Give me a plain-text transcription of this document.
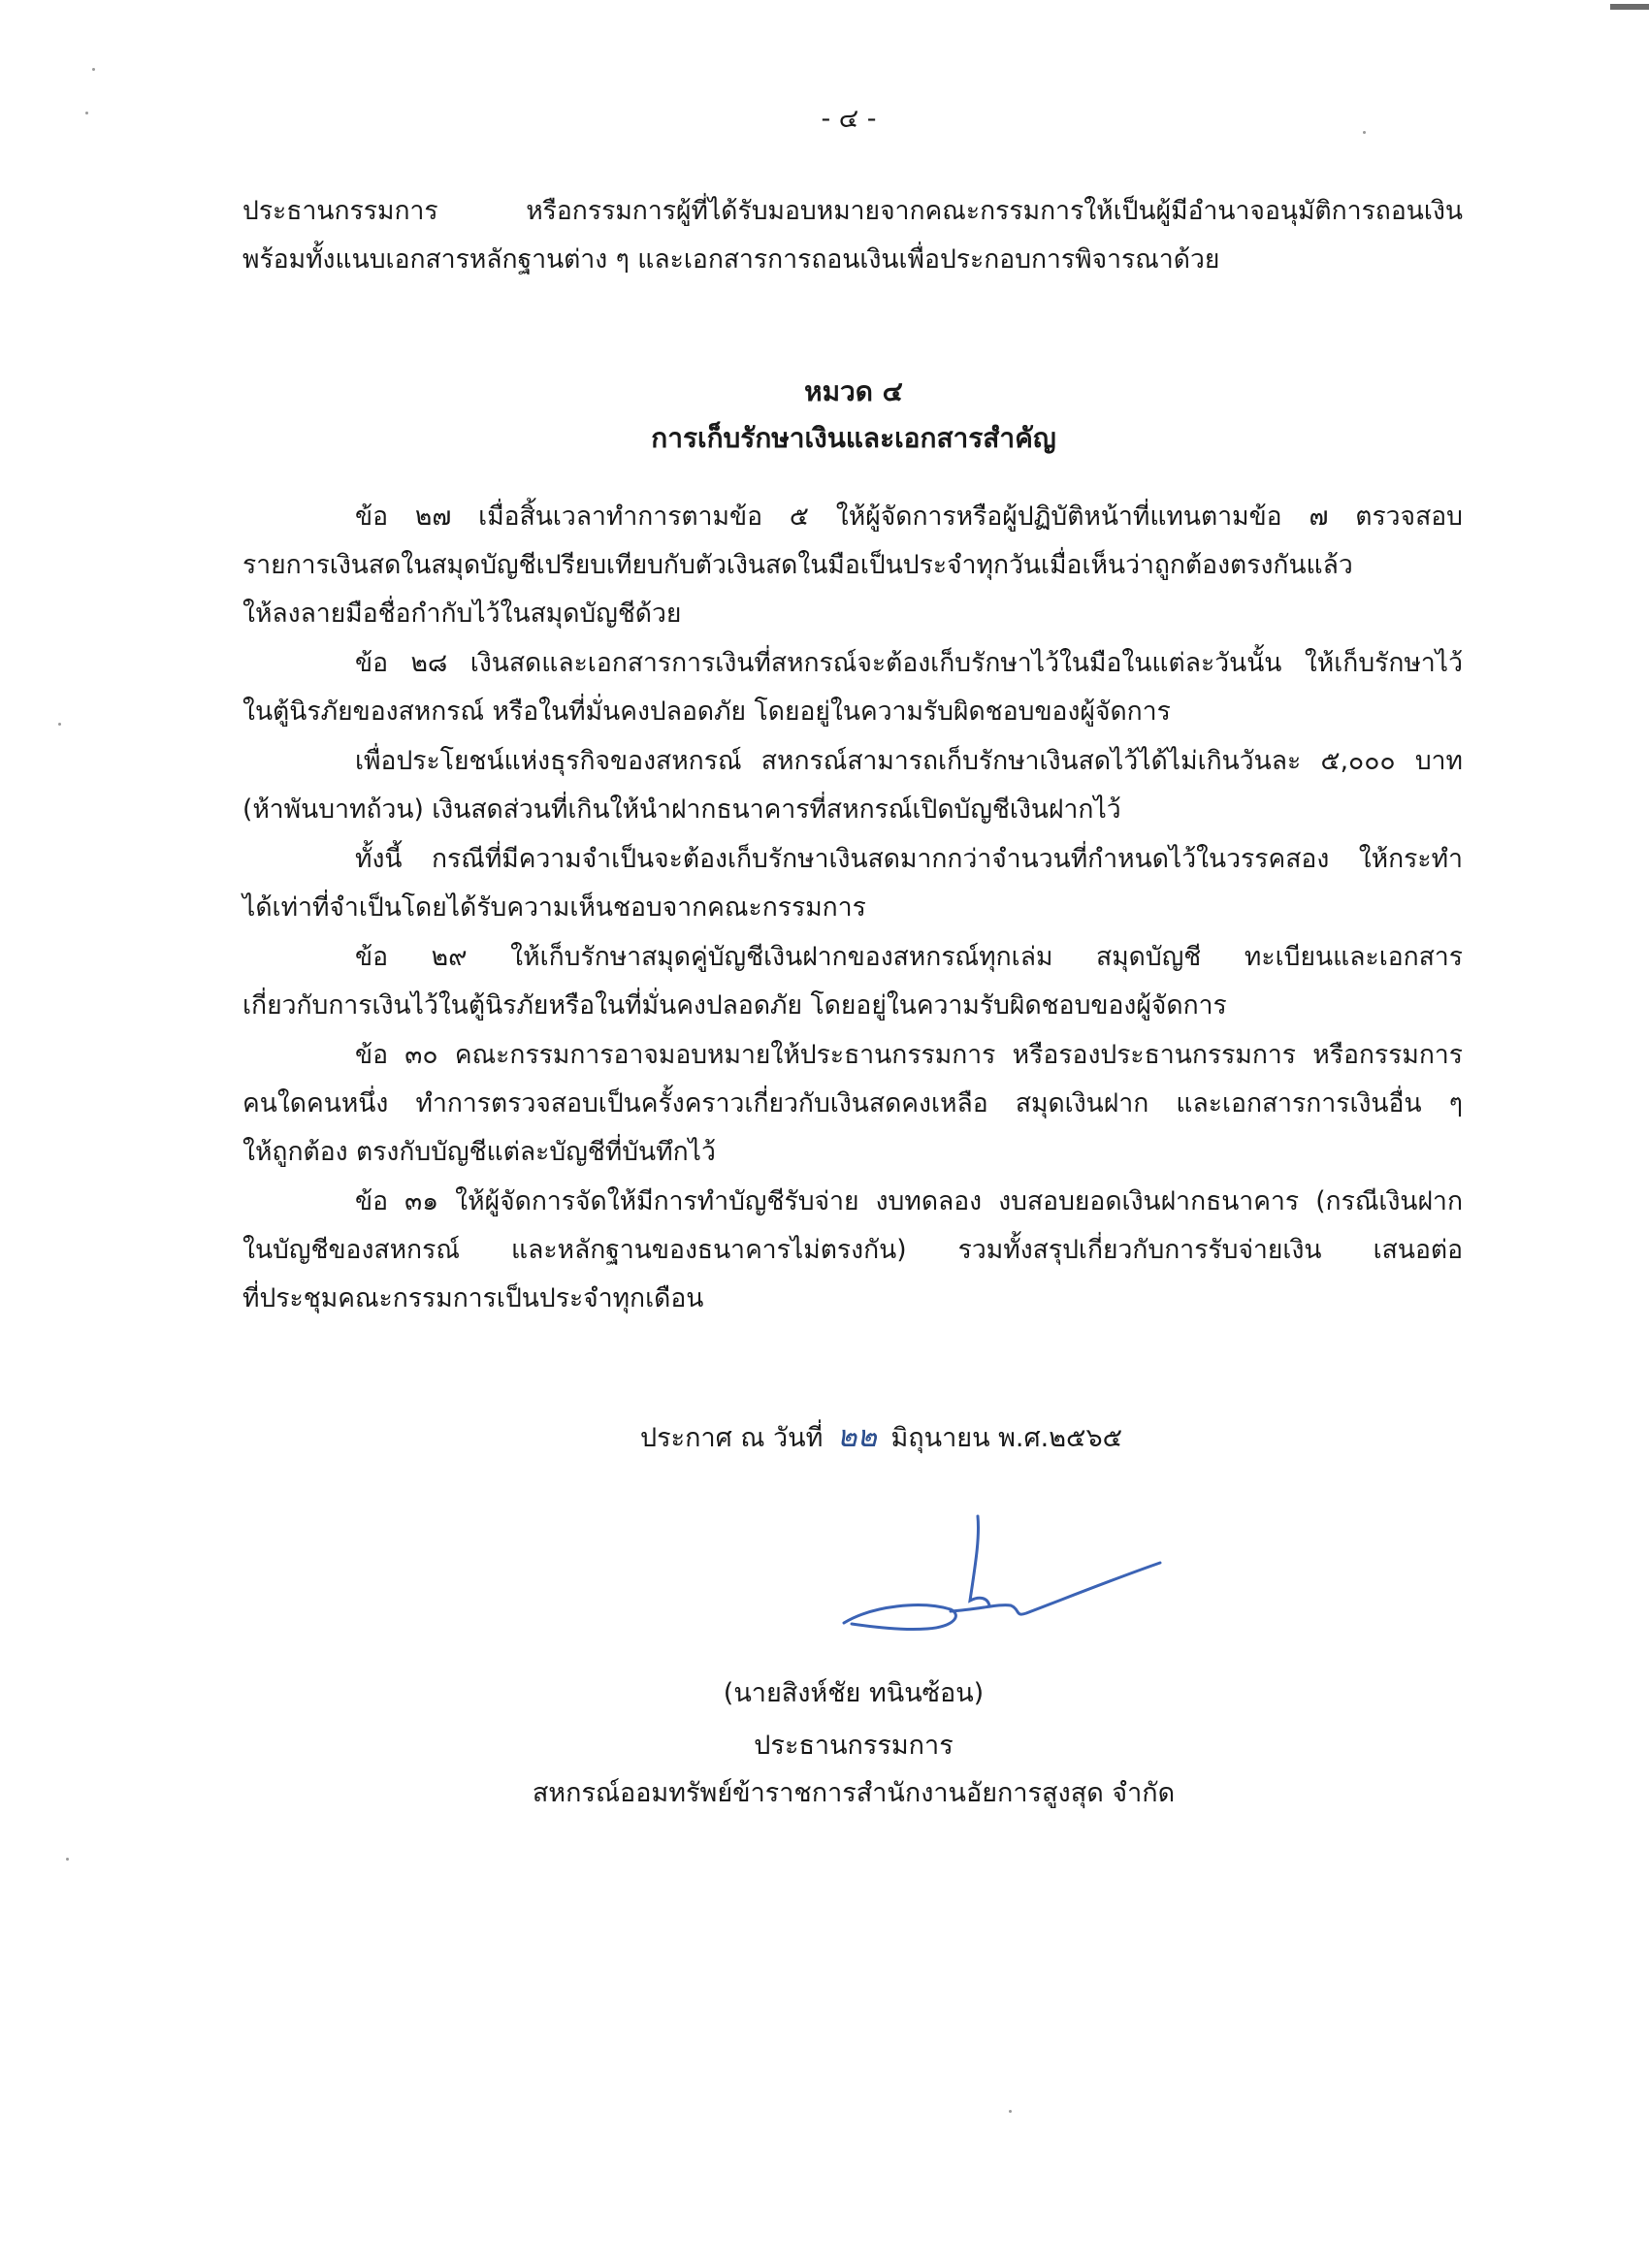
- ๔ -
ประธานกรรมการ หรือกรรมการผู้ที่ได้รับมอบหมายจากคณะกรรมการให้เป็นผู้มีอำนาจอนุมัติการถอนเงิน
พร้อมทั้งแนบเอกสารหลักฐานต่าง ๆ และเอกสารการถอนเงินเพื่อประกอบการพิจารณาด้วย
หมวด ๔
การเก็บรักษาเงินและเอกสารสำคัญ
ข้อ ๒๗ เมื่อสิ้นเวลาทำการตามข้อ ๕ ให้ผู้จัดการหรือผู้ปฏิบัติหน้าที่แทนตามข้อ ๗ ตรวจสอบ
รายการเงินสดในสมุดบัญชีเปรียบเทียบกับตัวเงินสดในมือเป็นประจำทุกวันเมื่อเห็นว่าถูกต้องตรงกันแล้ว
ให้ลงลายมือชื่อกำกับไว้ในสมุดบัญชีด้วย
ข้อ ๒๘ เงินสดและเอกสารการเงินที่สหกรณ์จะต้องเก็บรักษาไว้ในมือในแต่ละวันนั้น ให้เก็บรักษาไว้
ในตู้นิรภัยของสหกรณ์ หรือในที่มั่นคงปลอดภัย โดยอยู่ในความรับผิดชอบของผู้จัดการ
เพื่อประโยชน์แห่งธุรกิจของสหกรณ์ สหกรณ์สามารถเก็บรักษาเงินสดไว้ได้ไม่เกินวันละ ๕,๐๐๐ บาท
(ห้าพันบาทถ้วน) เงินสดส่วนที่เกินให้นำฝากธนาคารที่สหกรณ์เปิดบัญชีเงินฝากไว้
ทั้งนี้ กรณีที่มีความจำเป็นจะต้องเก็บรักษาเงินสดมากกว่าจำนวนที่กำหนดไว้ในวรรคสอง ให้กระทำ
ได้เท่าที่จำเป็นโดยได้รับความเห็นชอบจากคณะกรรมการ
ข้อ ๒๙ ให้เก็บรักษาสมุดคู่บัญชีเงินฝากของสหกรณ์ทุกเล่ม สมุดบัญชี ทะเบียนและเอกสาร
เกี่ยวกับการเงินไว้ในตู้นิรภัยหรือในที่มั่นคงปลอดภัย โดยอยู่ในความรับผิดชอบของผู้จัดการ
ข้อ ๓๐ คณะกรรมการอาจมอบหมายให้ประธานกรรมการ หรือรองประธานกรรมการ หรือกรรมการ
คนใดคนหนึ่ง ทำการตรวจสอบเป็นครั้งคราวเกี่ยวกับเงินสดคงเหลือ สมุดเงินฝาก และเอกสารการเงินอื่น ๆ
ให้ถูกต้อง ตรงกับบัญชีแต่ละบัญชีที่บันทึกไว้
ข้อ ๓๑ ให้ผู้จัดการจัดให้มีการทำบัญชีรับจ่าย งบทดลอง งบสอบยอดเงินฝากธนาคาร (กรณีเงินฝาก
ในบัญชีของสหกรณ์ และหลักฐานของธนาคารไม่ตรงกัน) รวมทั้งสรุปเกี่ยวกับการรับจ่ายเงิน เสนอต่อ
ที่ประชุมคณะกรรมการเป็นประจำทุกเดือน
ประกาศ ณ วันที่ ๒๒ มิถุนายน พ.ศ.๒๕๖๕
(นายสิงห์ชัย ทนินซ้อน)
ประธานกรรมการ
สหกรณ์ออมทรัพย์ข้าราชการสำนักงานอัยการสูงสุด จำกัด
